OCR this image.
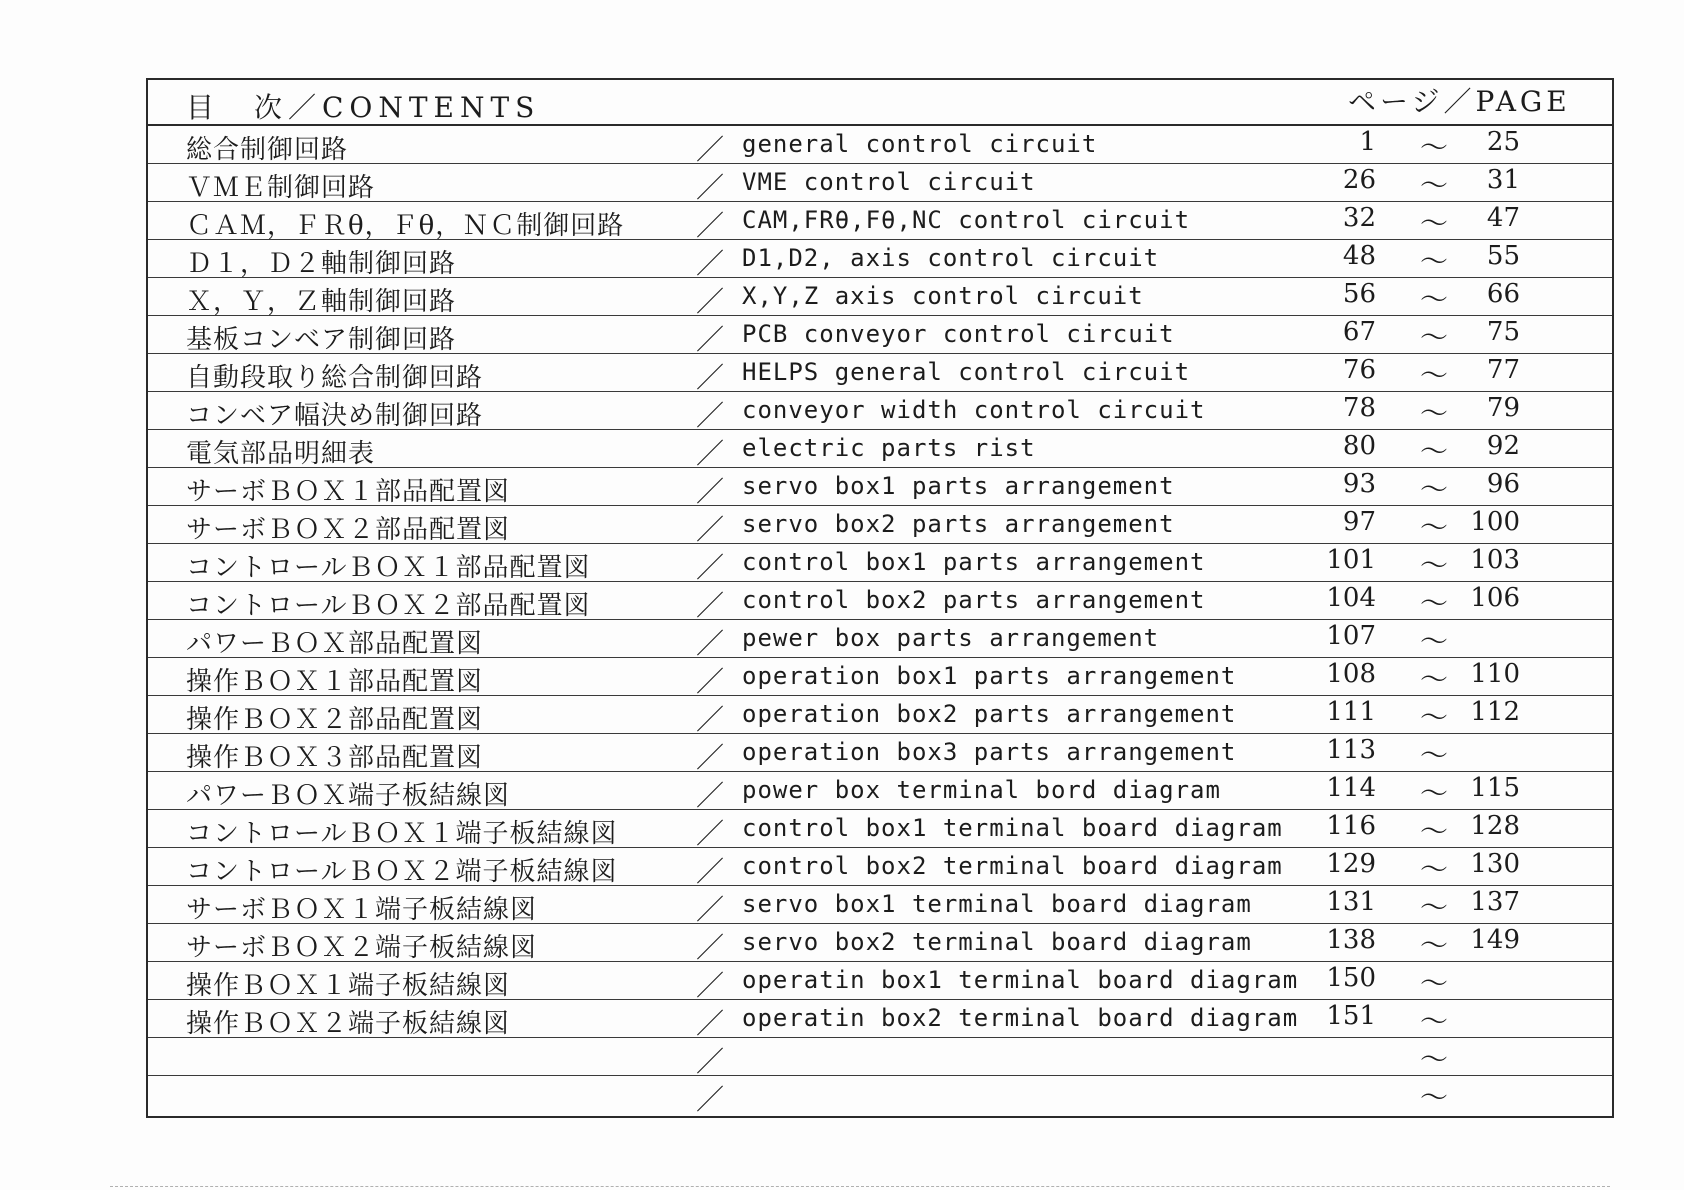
目　次／CONTENTS	ページ／PAGE
総合制御回路	／ general control circuit	1 ～ 25
ＶＭＥ制御回路	／ VME control circuit	26 ～ 31
ＣＡＭ，ＦＲθ，Ｆθ，ＮＣ制御回路	／ CAM,FRθ,Fθ,NC control circuit	32 ～ 47
Ｄ１，Ｄ２軸制御回路	／ D1,D2, axis control circuit	48 ～ 55
Ｘ，Ｙ，Ｚ軸制御回路	／ X,Y,Z axis control circuit	56 ～ 66
基板コンベア制御回路	／ PCB conveyor control circuit	67 ～ 75
自動段取り総合制御回路	／ HELPS general control circuit	76 ～ 77
コンベア幅決め制御回路	／ conveyor width control circuit	78 ～ 79
電気部品明細表	／ electric parts rist	80 ～ 92
サーボＢＯＸ１部品配置図	／ servo box1 parts arrangement	93 ～ 96
サーボＢＯＸ２部品配置図	／ servo box2 parts arrangement	97 ～ 100
コントロールＢＯＸ１部品配置図	／ control box1 parts arrangement	101 ～ 103
コントロールＢＯＸ２部品配置図	／ control box2 parts arrangement	104 ～ 106
パワーＢＯＸ部品配置図	／ pewer box parts arrangement	107 ～
操作ＢＯＸ１部品配置図	／ operation box1 parts arrangement	108 ～ 110
操作ＢＯＸ２部品配置図	／ operation box2 parts arrangement	111 ～ 112
操作ＢＯＸ３部品配置図	／ operation box3 parts arrangement	113 ～
パワーＢＯＸ端子板結線図	／ power box terminal bord diagram	114 ～ 115
コントロールＢＯＸ１端子板結線図	／ control box1 terminal board diagram 116 ～ 128
コントロールＢＯＸ２端子板結線図	／ control box2 terminal board diagram 129 ～ 130
サーボＢＯＸ１端子板結線図	／ servo box1 terminal board diagram	131 ～ 137
サーボＢＯＸ２端子板結線図	／ servo box2 terminal board diagram	138 ～ 149
操作ＢＯＸ１端子板結線図	／ operatin box1 terminal board diagram 150 ～
操作ＢＯＸ２端子板結線図	／ operatin box2 terminal board diagram 151 ～
／	～
／	～
